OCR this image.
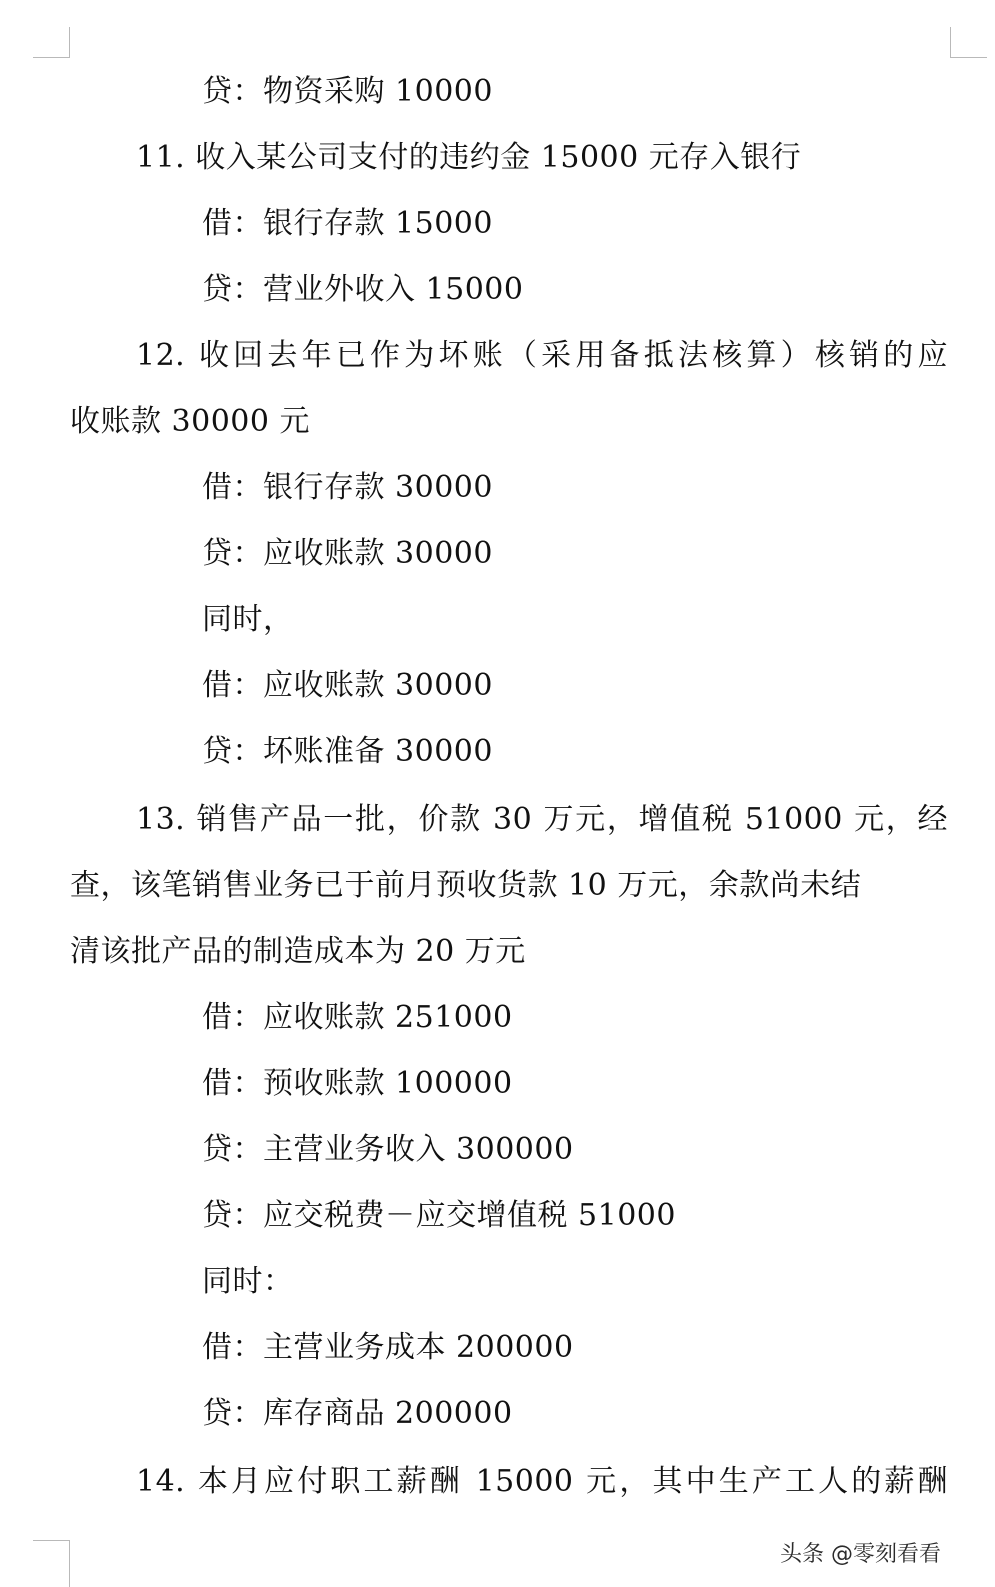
贷：物资采购 10000

11. 收入某公司支付的违约金 15000 元存入银行

借：银行存款 15000

贷：营业外收入 15000

12. 收回去年已作为坏账（采用备抵法核算）核销的应

收账款 30000 元

借：银行存款 30000

贷：应收账款 30000

同时，

借：应收账款 30000

贷：坏账准备 30000

13. 销售产品一批，价款 30 万元，增值税 51000 元，经

查，该笔销售业务已于前月预收货款 10 万元，余款尚未结

清该批产品的制造成本为 20 万元

借：应收账款 251000

借：预收账款 100000

贷：主营业务收入 300000

贷：应交税费－应交增值税 51000

同时：

借：主营业务成本 200000

贷：库存商品 200000

14. 本月应付职工薪酬 15000 元，其中生产工人的薪酬

头条 @零刻看看
